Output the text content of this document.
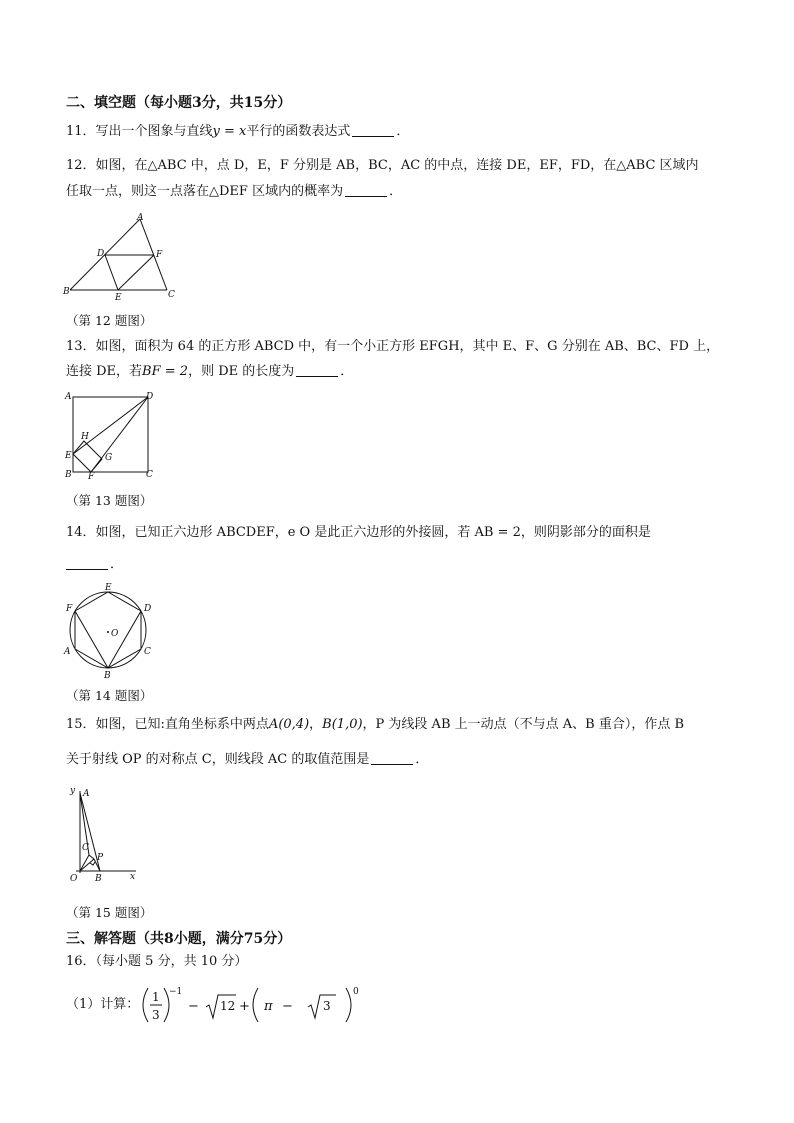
二、填空题（每小题3分，共15分）
11．写出一个图象与直线y = x平行的函数表达式	．
12．如图，在△ABC 中，点 D，E，F 分别是 AB，BC，AC 的中点，连接 DE，EF，FD，在△ABC 区域内
任取一点，则这一点落在△DEF 区域内的概率为	．
A
B	C
D
E
F
（第 12 题图）
13．如图，面积为 64 的正方形 ABCD 中，有一个小正方形 EFGH，其中 E、F、G 分别在 AB、BC、FD 上，
连接 DE，若BF = 2，则 DE 的长度为	．
A
B	C
D
E
F
G
H
（第 13 题图）
14．如图，已知正六边形 ABCDEF，e O 是此正六边形的外接圆，若 AB = 2，则阴影部分的面积是
．
E
D
C
B
A
F
O
（第 14 题图）
15．如图，已知:直角坐标系中两点A(0,4)，B(1,0)，P 为线段 AB 上一动点（不与点 A、B 重合），作点 B
关于射线 OP 的对称点 C，则线段 AC 的取值范围是	．
y A
C
P
O B	x
（第 15 题图）
三、解答题（共8小题，满分75分）
16．（每小题 5 分，共 10 分）
（1）计算： 1
3
−1
− 12 + π −	3
0
